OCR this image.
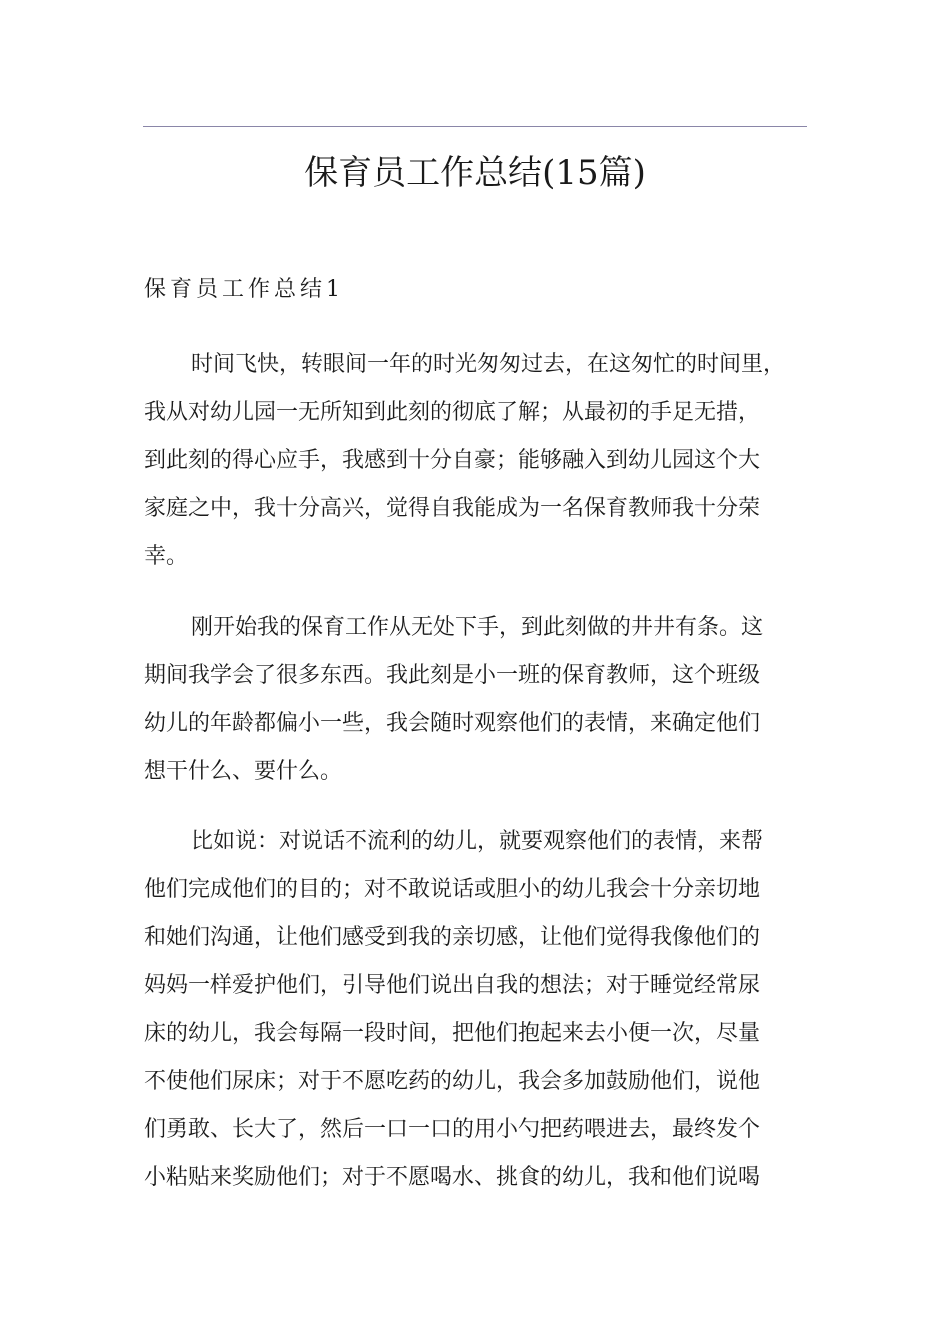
保育员工作总结(15篇)
保育员工作总结1
时间飞快，转眼间一年的时光匆匆过去，在这匆忙的时间里，
我从对幼儿园一无所知到此刻的彻底了解；从最初的手足无措，
到此刻的得心应手，我感到十分自豪；能够融入到幼儿园这个大
家庭之中，我十分高兴，觉得自我能成为一名保育教师我十分荣
幸。
刚开始我的保育工作从无处下手，到此刻做的井井有条。这
期间我学会了很多东西。我此刻是小一班的保育教师，这个班级
幼儿的年龄都偏小一些，我会随时观察他们的表情，来确定他们
想干什么、要什么。
比如说：对说话不流利的幼儿，就要观察他们的表情，来帮
他们完成他们的目的；对不敢说话或胆小的幼儿我会十分亲切地
和她们沟通，让他们感受到我的亲切感，让他们觉得我像他们的
妈妈一样爱护他们，引导他们说出自我的想法；对于睡觉经常尿
床的幼儿，我会每隔一段时间，把他们抱起来去小便一次，尽量
不使他们尿床；对于不愿吃药的幼儿，我会多加鼓励他们，说他
们勇敢、长大了，然后一口一口的用小勺把药喂进去，最终发个
小粘贴来奖励他们；对于不愿喝水、挑食的幼儿，我和他们说喝
